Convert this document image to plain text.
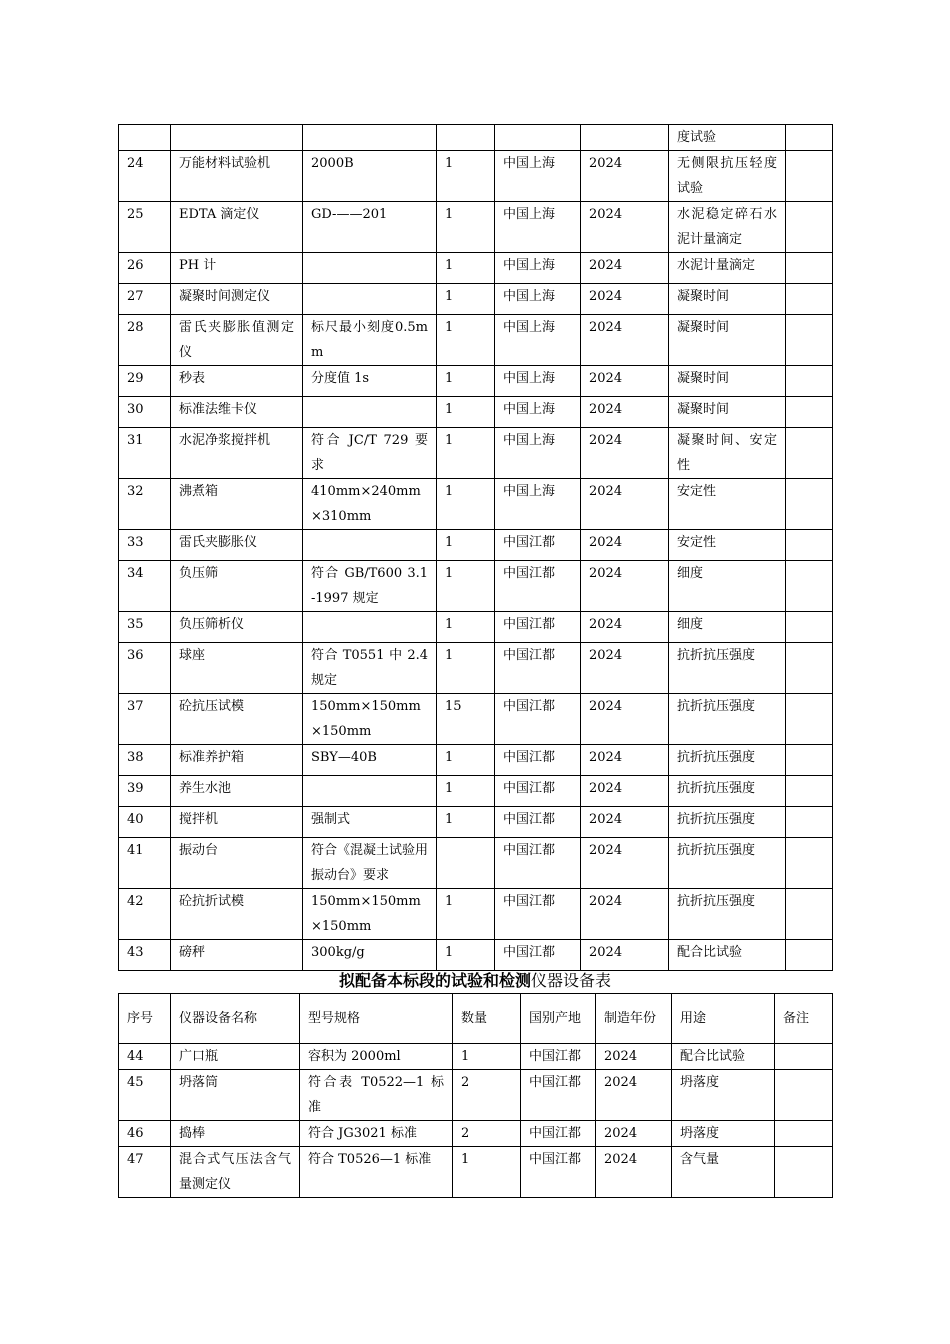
						度试验	
24	万能材料试验机	2000B	1	中国上海	2024	无侧限抗压轻度试验	
25	EDTA 滴定仪	GD-——201	1	中国上海	2024	水泥稳定碎石水泥计量滴定	
26	PH 计		1	中国上海	2024	水泥计量滴定	
27	凝聚时间测定仪		1	中国上海	2024	凝聚时间	
28	雷氏夹膨胀值测定仪	标尺最小刻度0.5mm	1	中国上海	2024	凝聚时间	
29	秒表	分度值 1s	1	中国上海	2024	凝聚时间	
30	标准法维卡仪		1	中国上海	2024	凝聚时间	
31	水泥净浆搅拌机	符合 JC/T 729 要求	1	中国上海	2024	凝聚时间、安定性	
32	沸煮箱	410mm×240mm×310mm	1	中国上海	2024	安定性	
33	雷氏夹膨胀仪		1	中国江都	2024	安定性	
34	负压筛	符合 GB/T600 3.1-1997 规定	1	中国江都	2024	细度	
35	负压筛析仪		1	中国江都	2024	细度	
36	球座	符合 T0551 中 2.4规定	1	中国江都	2024	抗折抗压强度	
37	砼抗压试模	150mm×150mm×150mm	15	中国江都	2024	抗折抗压强度	
38	标准养护箱	SBY—40B	1	中国江都	2024	抗折抗压强度	
39	养生水池		1	中国江都	2024	抗折抗压强度	
40	搅拌机	强制式	1	中国江都	2024	抗折抗压强度	
41	振动台	符合《混凝土试验用振动台》要求		中国江都	2024	抗折抗压强度	
42	砼抗折试模	150mm×150mm×150mm	1	中国江都	2024	抗折抗压强度	
43	磅秤	300kg/g	1	中国江都	2024	配合比试验	
拟配备本标段的试验和检测仪器设备表
序号	仪器设备名称	型号规格	数量	国别产地	制造年份	用途	备注
44	广口瓶	容积为 2000ml	1	中国江都	2024	配合比试验	
45	坍落筒	符合表 T0522—1 标准	2	中国江都	2024	坍落度	
46	捣棒	符合 JG3021 标准	2	中国江都	2024	坍落度	
47	混合式气压法含气量测定仪	符合 T0526—1 标准	1	中国江都	2024	含气量	
